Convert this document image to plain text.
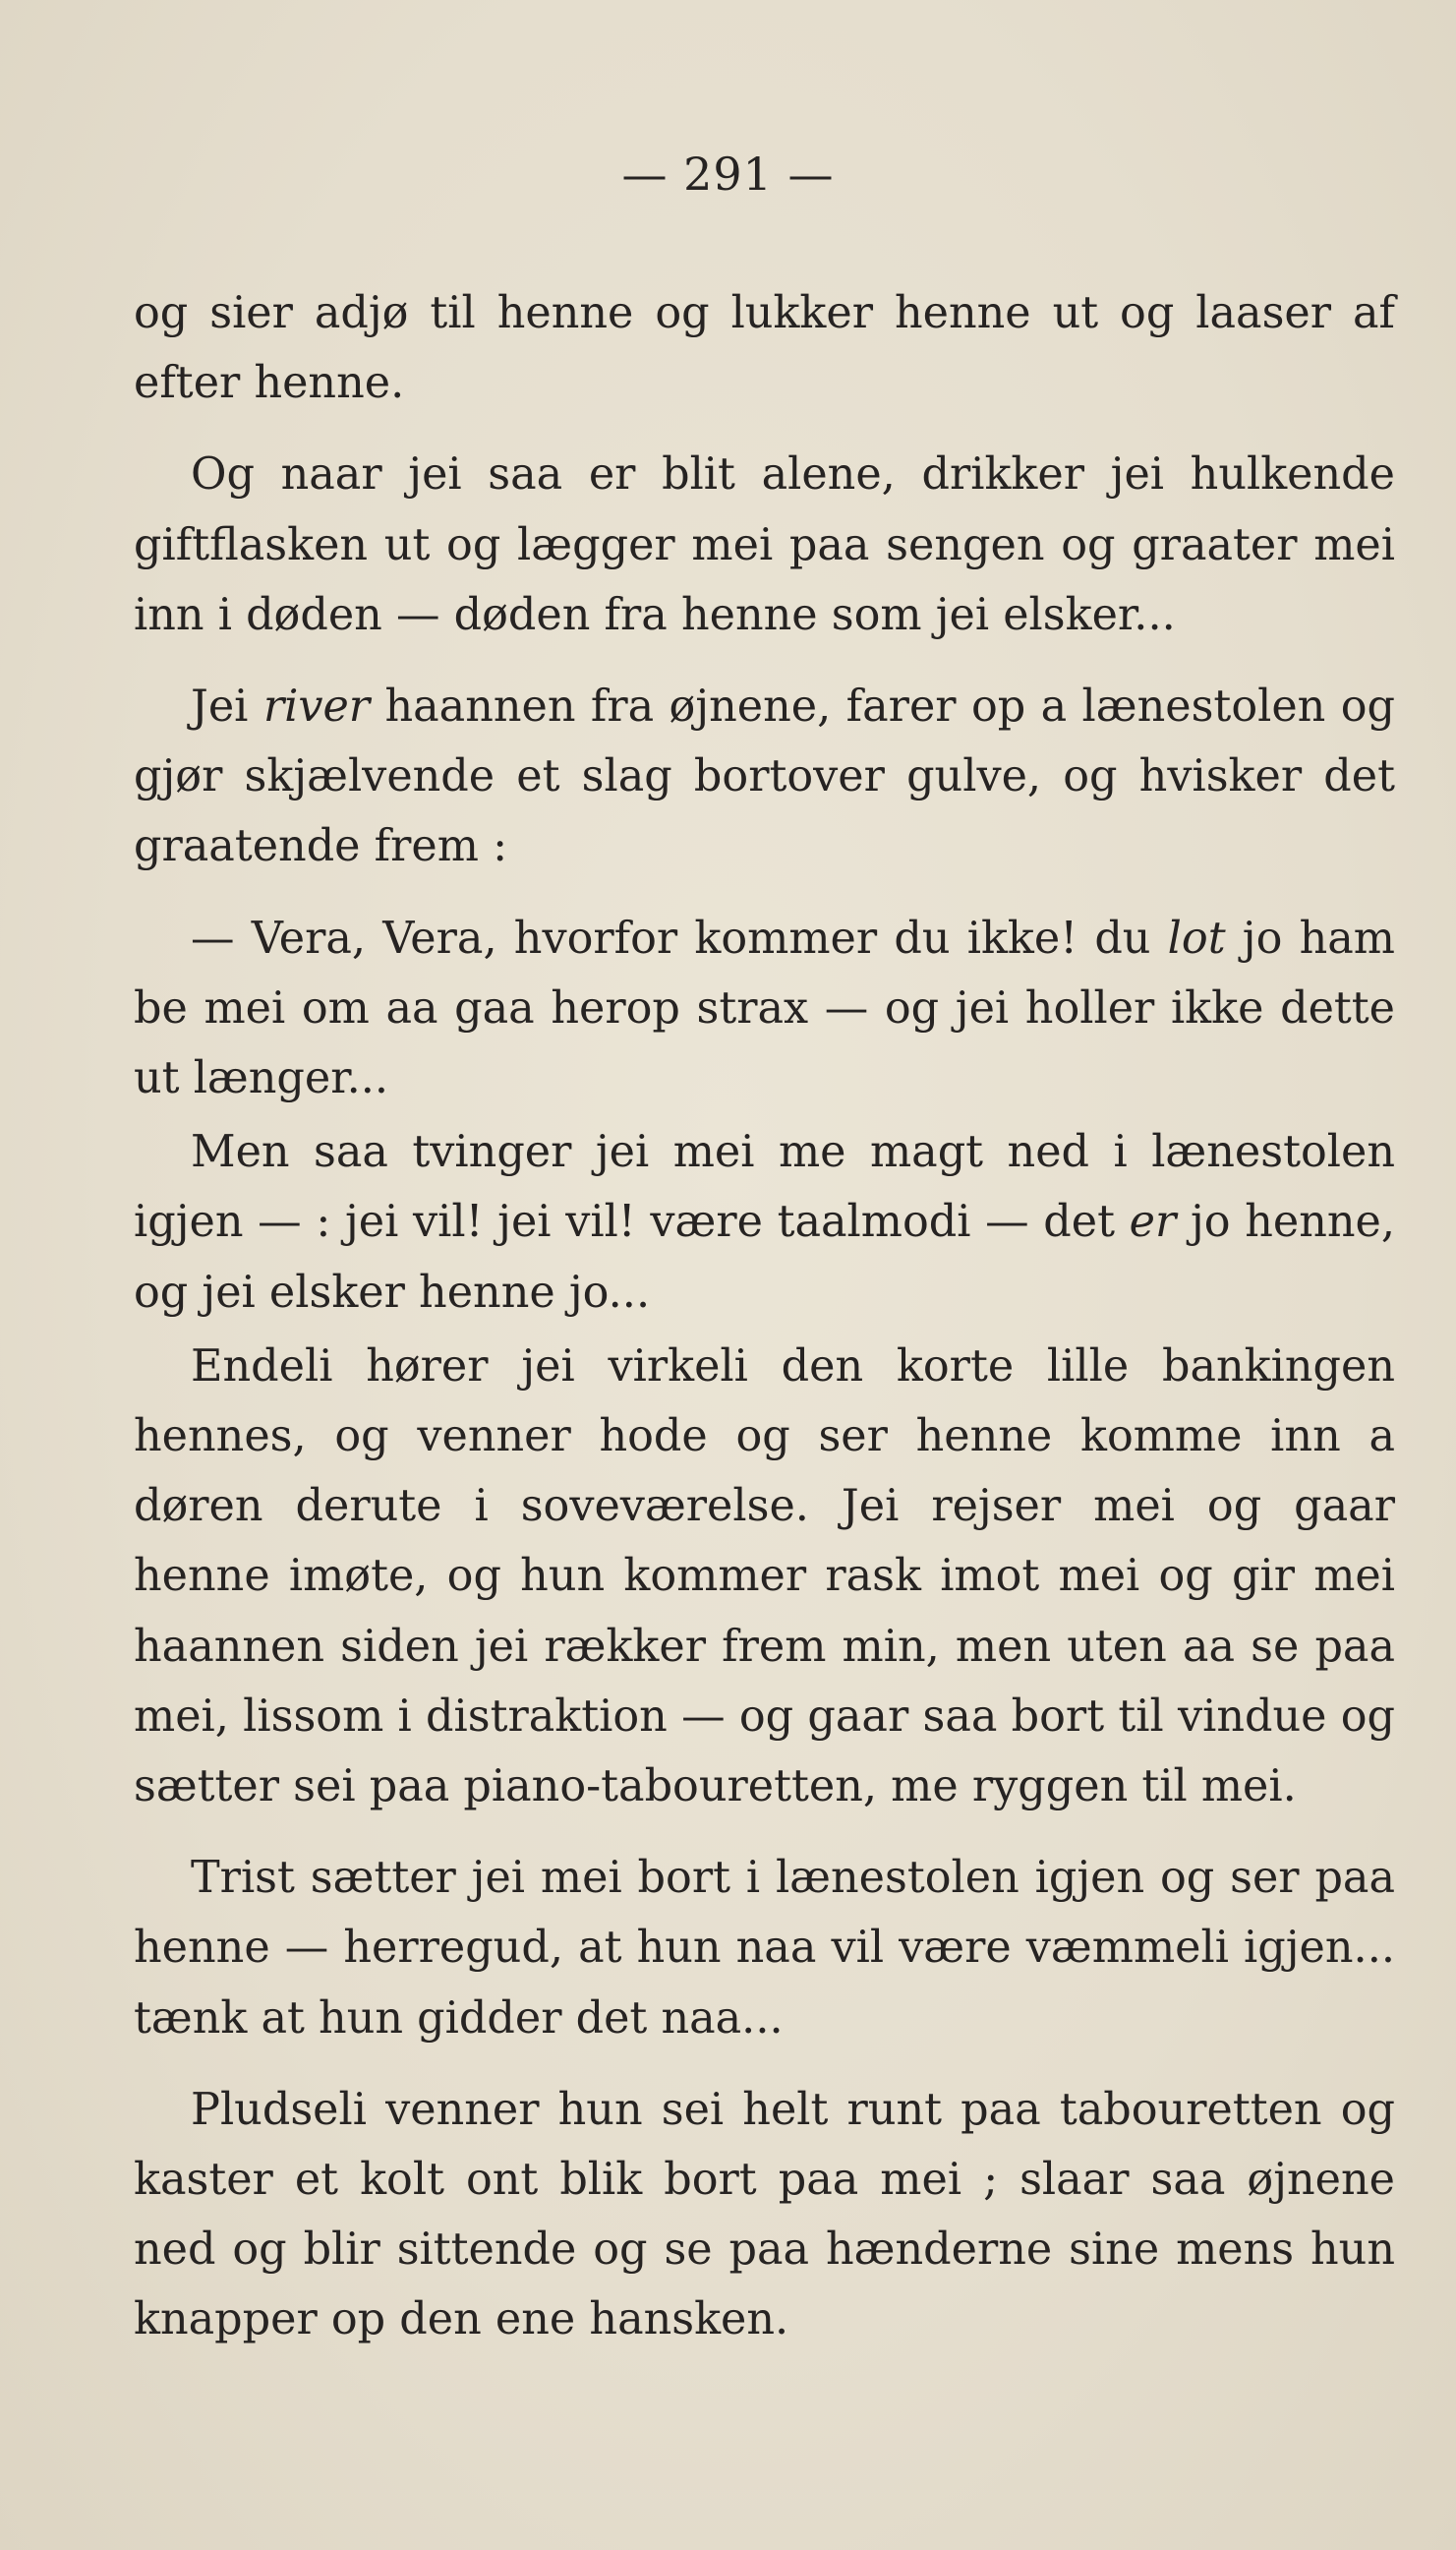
— 291 —

og sier adjø til henne og lukker henne ut og laaser af efter henne.

Og naar jei saa er blit alene, drikker jei hulkende giftflasken ut og lægger mei paa sengen og graater mei inn i døden — døden fra henne som jei elsker...

Jei river haannen fra øjnene, farer op a lænestolen og gjør skjælvende et slag bortover gulve, og hvisker det graatende frem :

— Vera, Vera, hvorfor kommer du ikke! du lot jo ham be mei om aa gaa herop strax — og jei holler ikke dette ut længer...

Men saa tvinger jei mei me magt ned i lænestolen igjen — : jei vil! jei vil! være taalmodi — det er jo henne, og jei elsker henne jo...

Endeli hører jei virkeli den korte lille bankingen hennes, og venner hode og ser henne komme inn a døren derute i soveværelse. Jei rejser mei og gaar henne imøte, og hun kommer rask imot mei og gir mei haannen siden jei rækker frem min, men uten aa se paa mei, lissom i distraktion — og gaar saa bort til vindue og sætter sei paa piano-tabouretten, me ryggen til mei.

Trist sætter jei mei bort i lænestolen igjen og ser paa henne — herregud, at hun naa vil være væmmeli igjen... tænk at hun gidder det naa...

Pludseli venner hun sei helt runt paa tabouretten og kaster et kolt ont blik bort paa mei ; slaar saa øjnene ned og blir sittende og se paa hænderne sine mens hun knapper op den ene hansken.
